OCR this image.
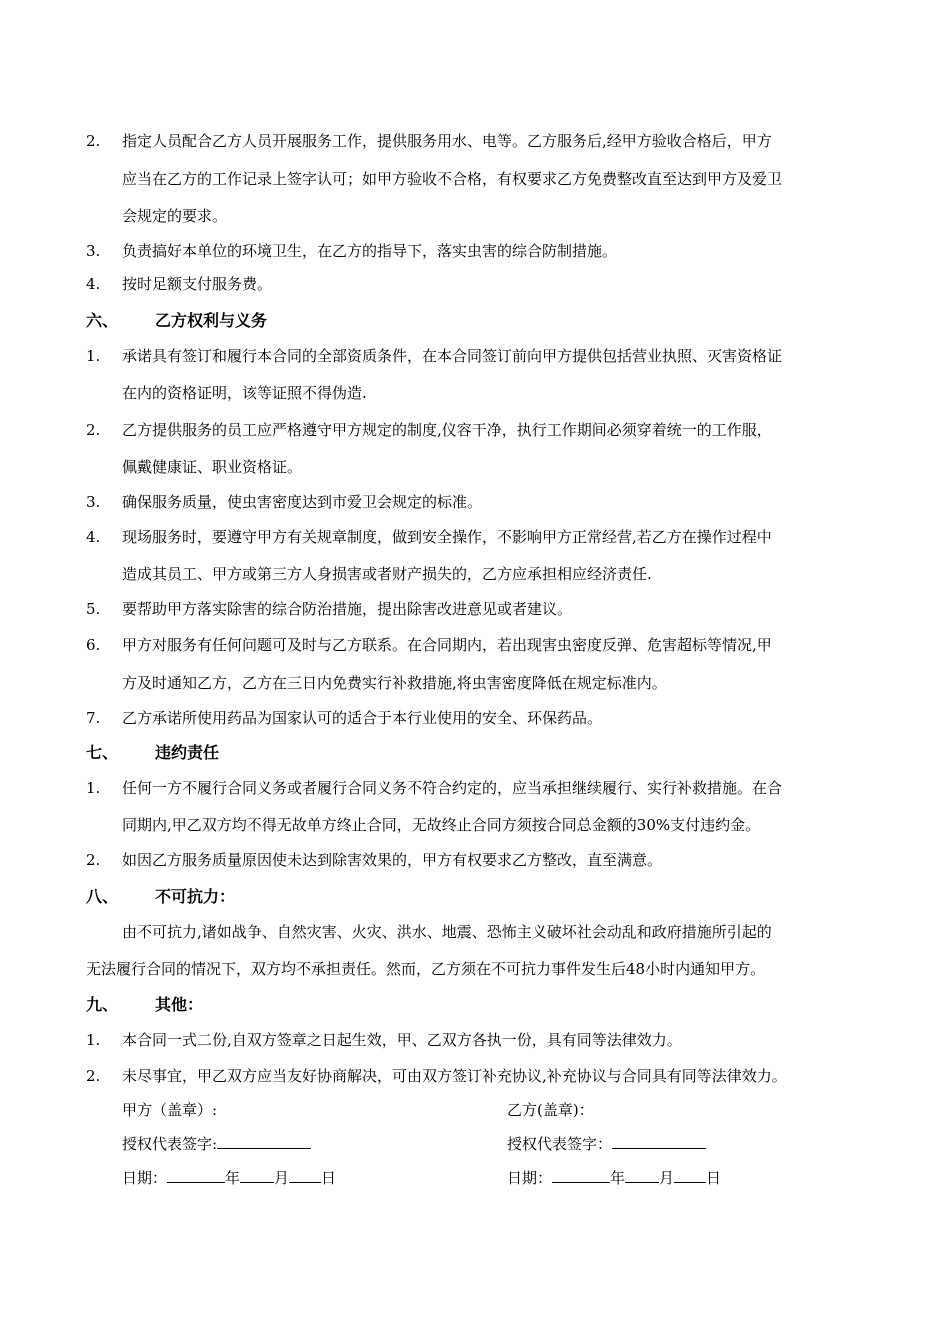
2.	指定人员配合乙方人员开展服务工作，提供服务用水、电等。乙方服务后,经甲方验收合格后，甲方
应当在乙方的工作记录上签字认可；如甲方验收不合格，有权要求乙方免费整改直至达到甲方及爱卫
会规定的要求。
3.	负责搞好本单位的环境卫生，在乙方的指导下，落实虫害的综合防制措施。
4.	按时足额支付服务费。
六、 乙方权利与义务
1.	承诺具有签订和履行本合同的全部资质条件，在本合同签订前向甲方提供包括营业执照、灭害资格证
在内的资格证明，该等证照不得伪造.
2.	乙方提供服务的员工应严格遵守甲方规定的制度,仪容干净，执行工作期间必须穿着统一的工作服，
佩戴健康证、职业资格证。
3.	确保服务质量，使虫害密度达到市爱卫会规定的标准。
4.	现场服务时，要遵守甲方有关规章制度，做到安全操作，不影响甲方正常经营,若乙方在操作过程中
造成其员工、甲方或第三方人身损害或者财产损失的，乙方应承担相应经济责任.
5.	要帮助甲方落实除害的综合防治措施，提出除害改进意见或者建议。
6.	甲方对服务有任何问题可及时与乙方联系。在合同期内，若出现害虫密度反弹、危害超标等情况,甲
方及时通知乙方，乙方在三日内免费实行补救措施,将虫害密度降低在规定标准内。
7.	乙方承诺所使用药品为国家认可的适合于本行业使用的安全、环保药品。
七、 违约责任
1.	任何一方不履行合同义务或者履行合同义务不符合约定的，应当承担继续履行、实行补救措施。在合
同期内,甲乙双方均不得无故单方终止合同，无故终止合同方须按合同总金额的30%支付违约金。
2.	如因乙方服务质量原因使未达到除害效果的，甲方有权要求乙方整改，直至满意。
八、 不可抗力：
由不可抗力,诸如战争、自然灾害、火灾、洪水、地震、恐怖主义破坏社会动乱和政府措施所引起的
无法履行合同的情况下，双方均不承担责任。然而，乙方须在不可抗力事件发生后48小时内通知甲方。
九、 其他：
1.	本合同一式二份,自双方签章之日起生效，甲、乙双方各执一份，具有同等法律效力。
2.	未尽事宜，甲乙双方应当友好协商解决，可由双方签订补充协议,补充协议与合同具有同等法律效力。
甲方（盖章）:
授权代表签字:
日期：	年 月 日
乙方(盖章)：
授权代表签字：
日期：	年 月 日
